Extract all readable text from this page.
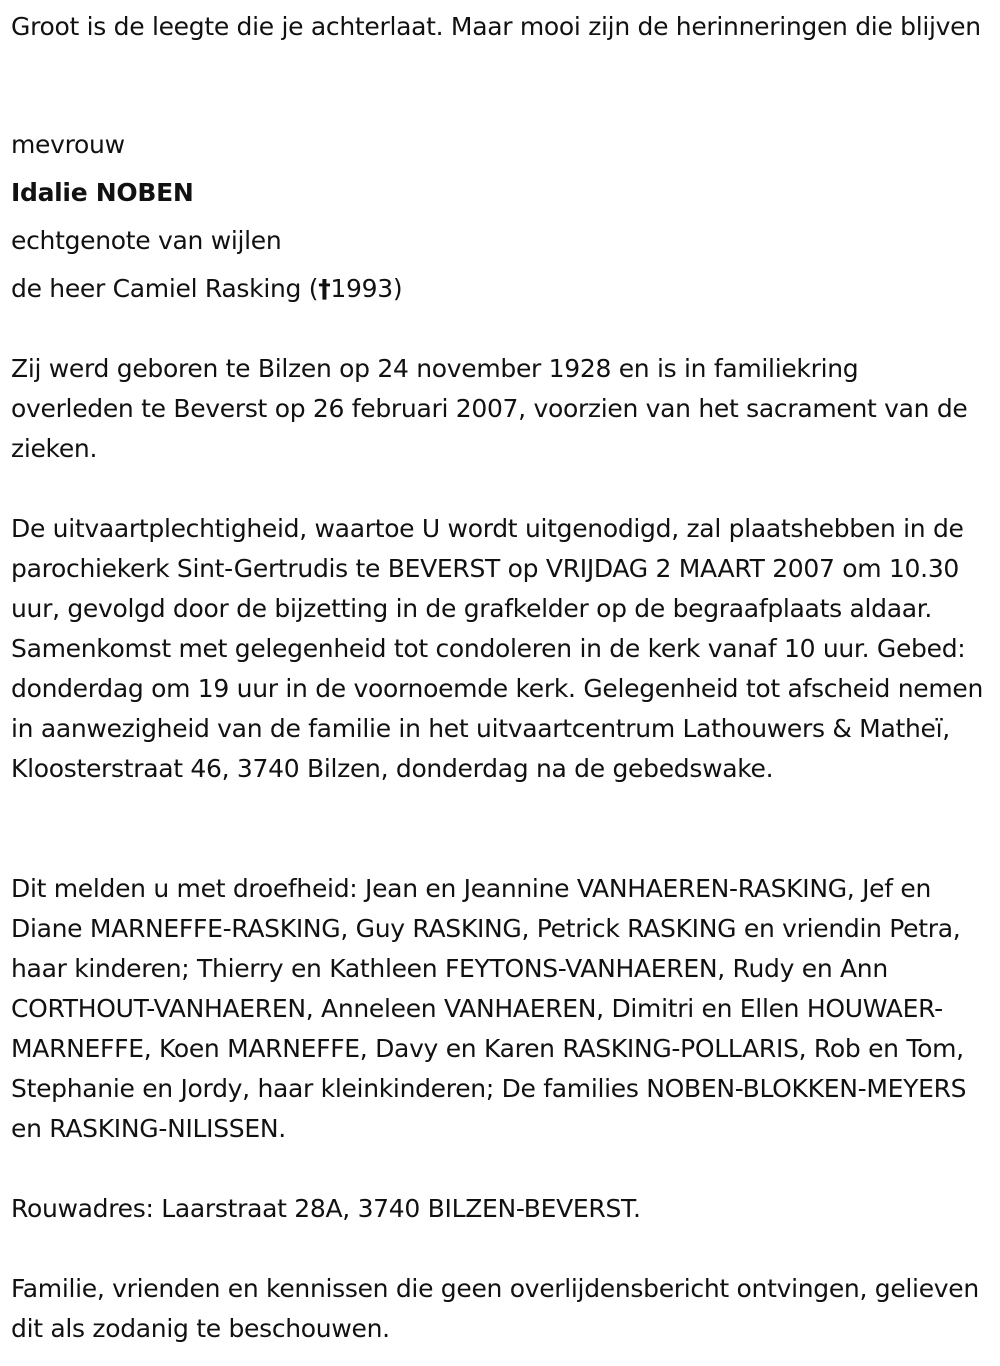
Groot is de leegte die je achterlaat. Maar mooi zijn de herinneringen die blijven

mevrouw

Idalie NOBEN

echtgenote van wijlen

de heer Camiel Rasking (†1993)

Zij werd geboren te Bilzen op 24 november 1928 en is in familiekring overleden te Beverst op 26 februari 2007, voorzien van het sacrament van de zieken.

De uitvaartplechtigheid, waartoe U wordt uitgenodigd, zal plaatshebben in de parochiekerk Sint-Gertrudis te BEVERST op VRIJDAG 2 MAART 2007 om 10.30 uur, gevolgd door de bijzetting in de grafkelder op de begraafplaats aldaar. Samenkomst met gelegenheid tot condoleren in de kerk vanaf 10 uur. Gebed: donderdag om 19 uur in de voornoemde kerk. Gelegenheid tot afscheid nemen in aanwezigheid van de familie in het uitvaartcentrum Lathouwers & Matheï, Kloosterstraat 46, 3740 Bilzen, donderdag na de gebedswake.

Dit melden u met droefheid: Jean en Jeannine VANHAEREN-RASKING, Jef en Diane MARNEFFE-RASKING, Guy RASKING, Petrick RASKING en vriendin Petra, haar kinderen; Thierry en Kathleen FEYTONS-VANHAEREN, Rudy en Ann CORTHOUT-VANHAEREN, Anneleen VANHAEREN, Dimitri en Ellen HOUWAER-MARNEFFE, Koen MARNEFFE, Davy en Karen RASKING-POLLARIS, Rob en Tom, Stephanie en Jordy, haar kleinkinderen; De families NOBEN-BLOKKEN-MEYERS en RASKING-NILISSEN.

Rouwadres: Laarstraat 28A, 3740 BILZEN-BEVERST.

Familie, vrienden en kennissen die geen overlijdensbericht ontvingen, gelieven dit als zodanig te beschouwen.
